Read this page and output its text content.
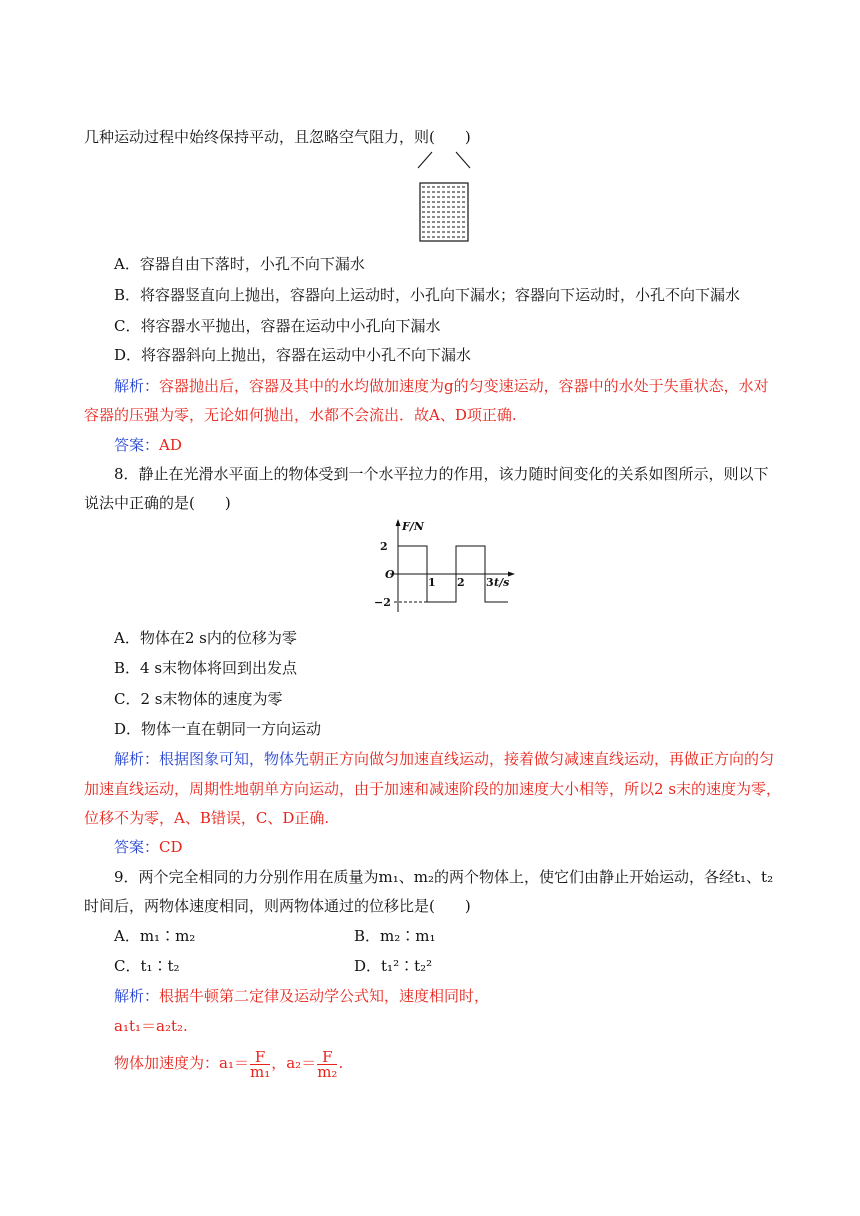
几种运动过程中始终保持平动，且忽略空气阻力，则(　　)
A．容器自由下落时，小孔不向下漏水
B．将容器竖直向上抛出，容器向上运动时，小孔向下漏水；容器向下运动时，小孔不向下漏水
C．将容器水平抛出，容器在运动中小孔向下漏水
D．将容器斜向上抛出，容器在运动中小孔不向下漏水
解析：容器抛出后，容器及其中的水均做加速度为g的匀变速运动，容器中的水处于失重状态，水对
容器的压强为零，无论如何抛出，水都不会流出．故A、D项正确.
答案：AD
8．静止在光滑水平面上的物体受到一个水平拉力的作用，该力随时间变化的关系如图所示，则以下
说法中正确的是(　　)
F/N
2
O
−2
1 2 3 t/s
A．物体在2 s内的位移为零
B．4 s末物体将回到出发点
C．2 s末物体的速度为零
D．物体一直在朝同一方向运动
解析：根据图象可知，物体先朝正方向做匀加速直线运动，接着做匀减速直线运动，再做正方向的匀
加速直线运动，周期性地朝单方向运动，由于加速和减速阶段的加速度大小相等，所以2 s末的速度为零，
位移不为零，A、B错误，C、D正确.
答案：CD
9．两个完全相同的力分别作用在质量为m₁、m₂的两个物体上，使它们由静止开始运动，各经t₁、t₂
时间后，两物体速度相同，则两物体通过的位移比是(　　)
A．m₁∶m₂	B．m₂∶m₁
C．t₁∶t₂	D．t₁²∶t₂²
解析：根据牛顿第二定律及运动学公式知，速度相同时，
a₁t₁＝a₂t₂.
物体加速度为：$a_1= \frac{F}{\text{m₁}}$ ，$a_2= \frac{F}{\text{m₂}}$ .
